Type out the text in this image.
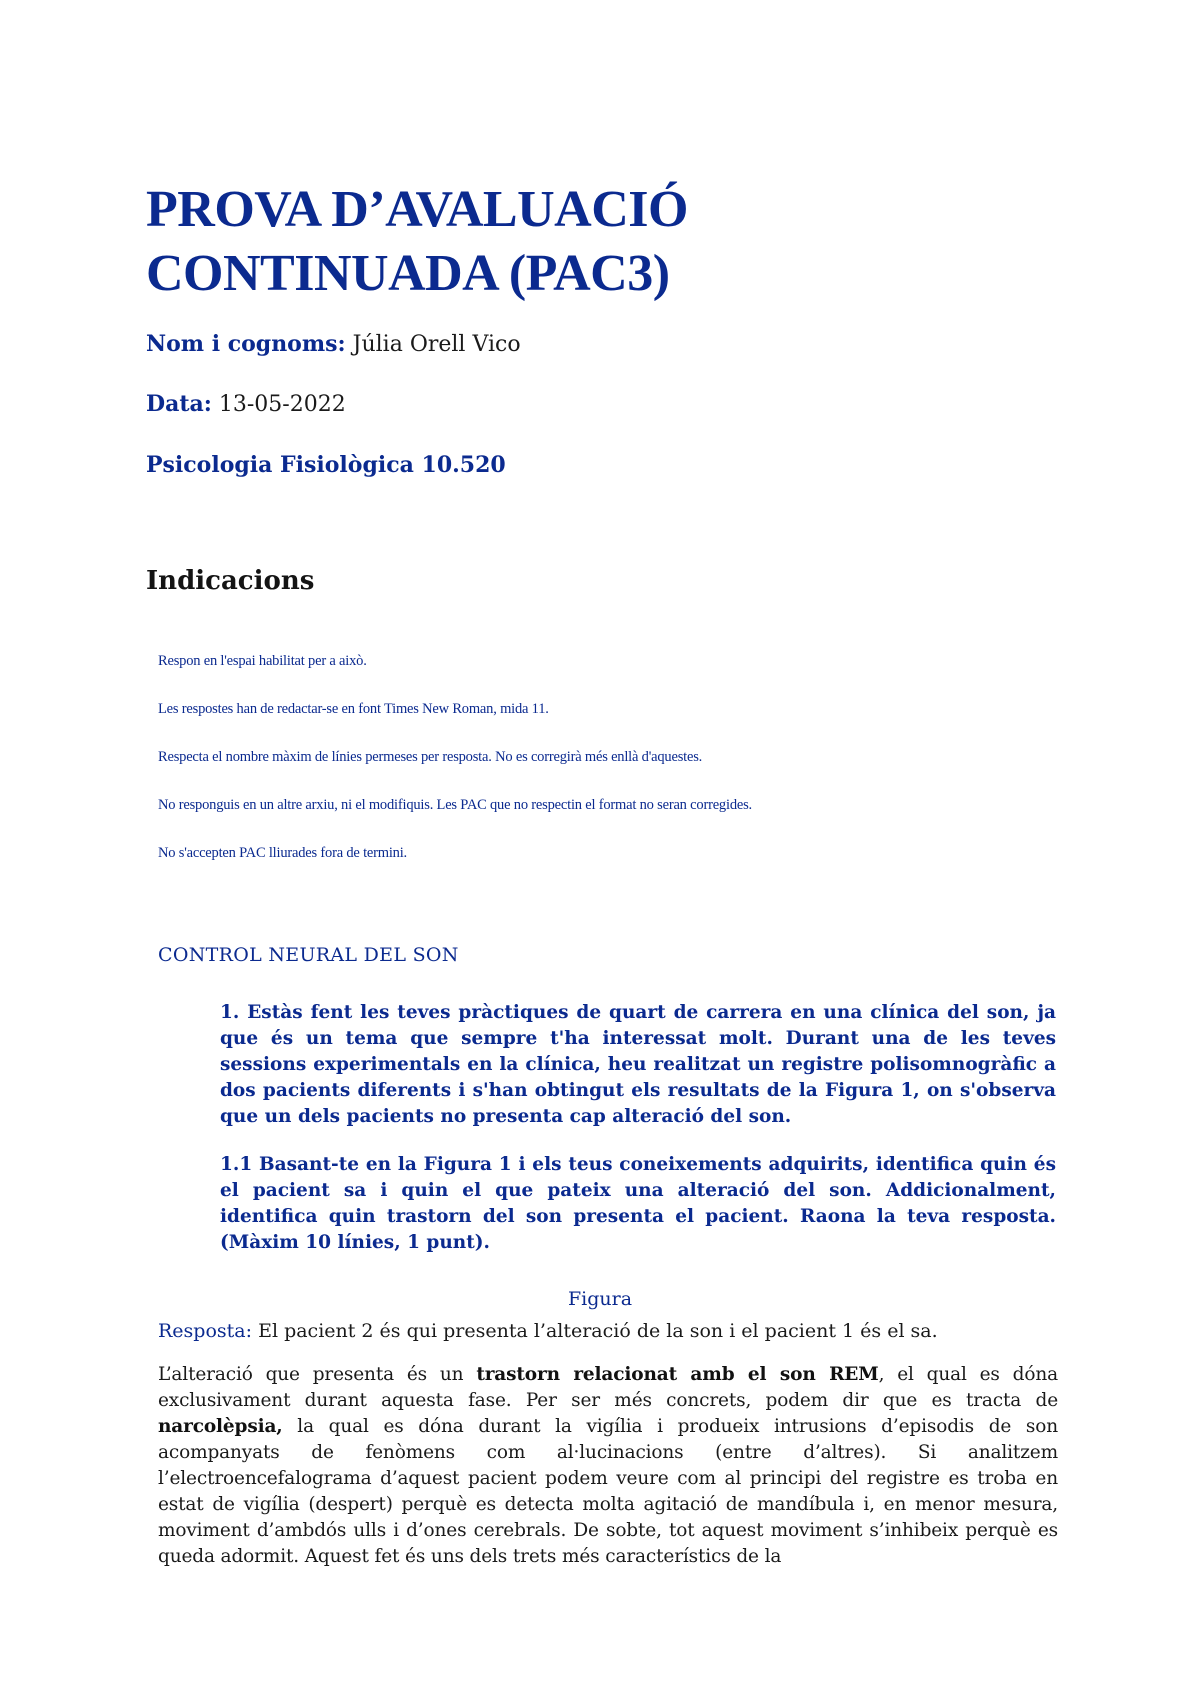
PROVA D’AVALUACIÓ CONTINUADA (PAC3)

Nom i cognoms: Júlia Orell Vico

Data: 13-05-2022

Psicologia Fisiològica 10.520

Indicacions
Respon en l'espai habilitat per a això.
Les respostes han de redactar-se en font Times New Roman, mida 11.
Respecta el nombre màxim de línies permeses per resposta. No es corregirà més enllà d'aquestes.
No responguis en un altre arxiu, ni el modifiquis. Les PAC que no respectin el format no seran corregides.
No s'accepten PAC lliurades fora de termini.

CONTROL NEURAL DEL SON

1. Estàs fent les teves pràctiques de quart de carrera en una clínica del son, ja que és un tema que sempre t'ha interessat molt. Durant una de les teves sessions experimentals en la clínica, heu realitzat un registre polisomnogràfic a dos pacients diferents i s'han obtingut els resultats de la Figura 1, on s'observa que un dels pacients no presenta cap alteració del son.

1.1 Basant-te en la Figura 1 i els teus coneixements adquirits, identifica quin és el pacient sa i quin el que pateix una alteració del son. Addicionalment, identifica quin trastorn del son presenta el pacient. Raona la teva resposta. (Màxim 10 línies, 1 punt).

Figura

Resposta: El pacient 2 és qui presenta l’alteració de la son i el pacient 1 és el sa.

L’alteració que presenta és un trastorn relacionat amb el son REM, el qual es dóna exclusivament durant aquesta fase. Per ser més concrets, podem dir que es tracta de narcolèpsia, la qual es dóna durant la vigília i produeix intrusions d’episodis de son acompanyats de fenòmens com al·lucinacions (entre d’altres). Si analitzem l’electroencefalograma d’aquest pacient podem veure com al principi del registre es troba en estat de vigília (despert) perquè es detecta molta agitació de mandíbula i, en menor mesura, moviment d’ambdós ulls i d’ones cerebrals. De sobte, tot aquest moviment s’inhibeix perquè es queda adormit. Aquest fet és uns dels trets més característics de la
